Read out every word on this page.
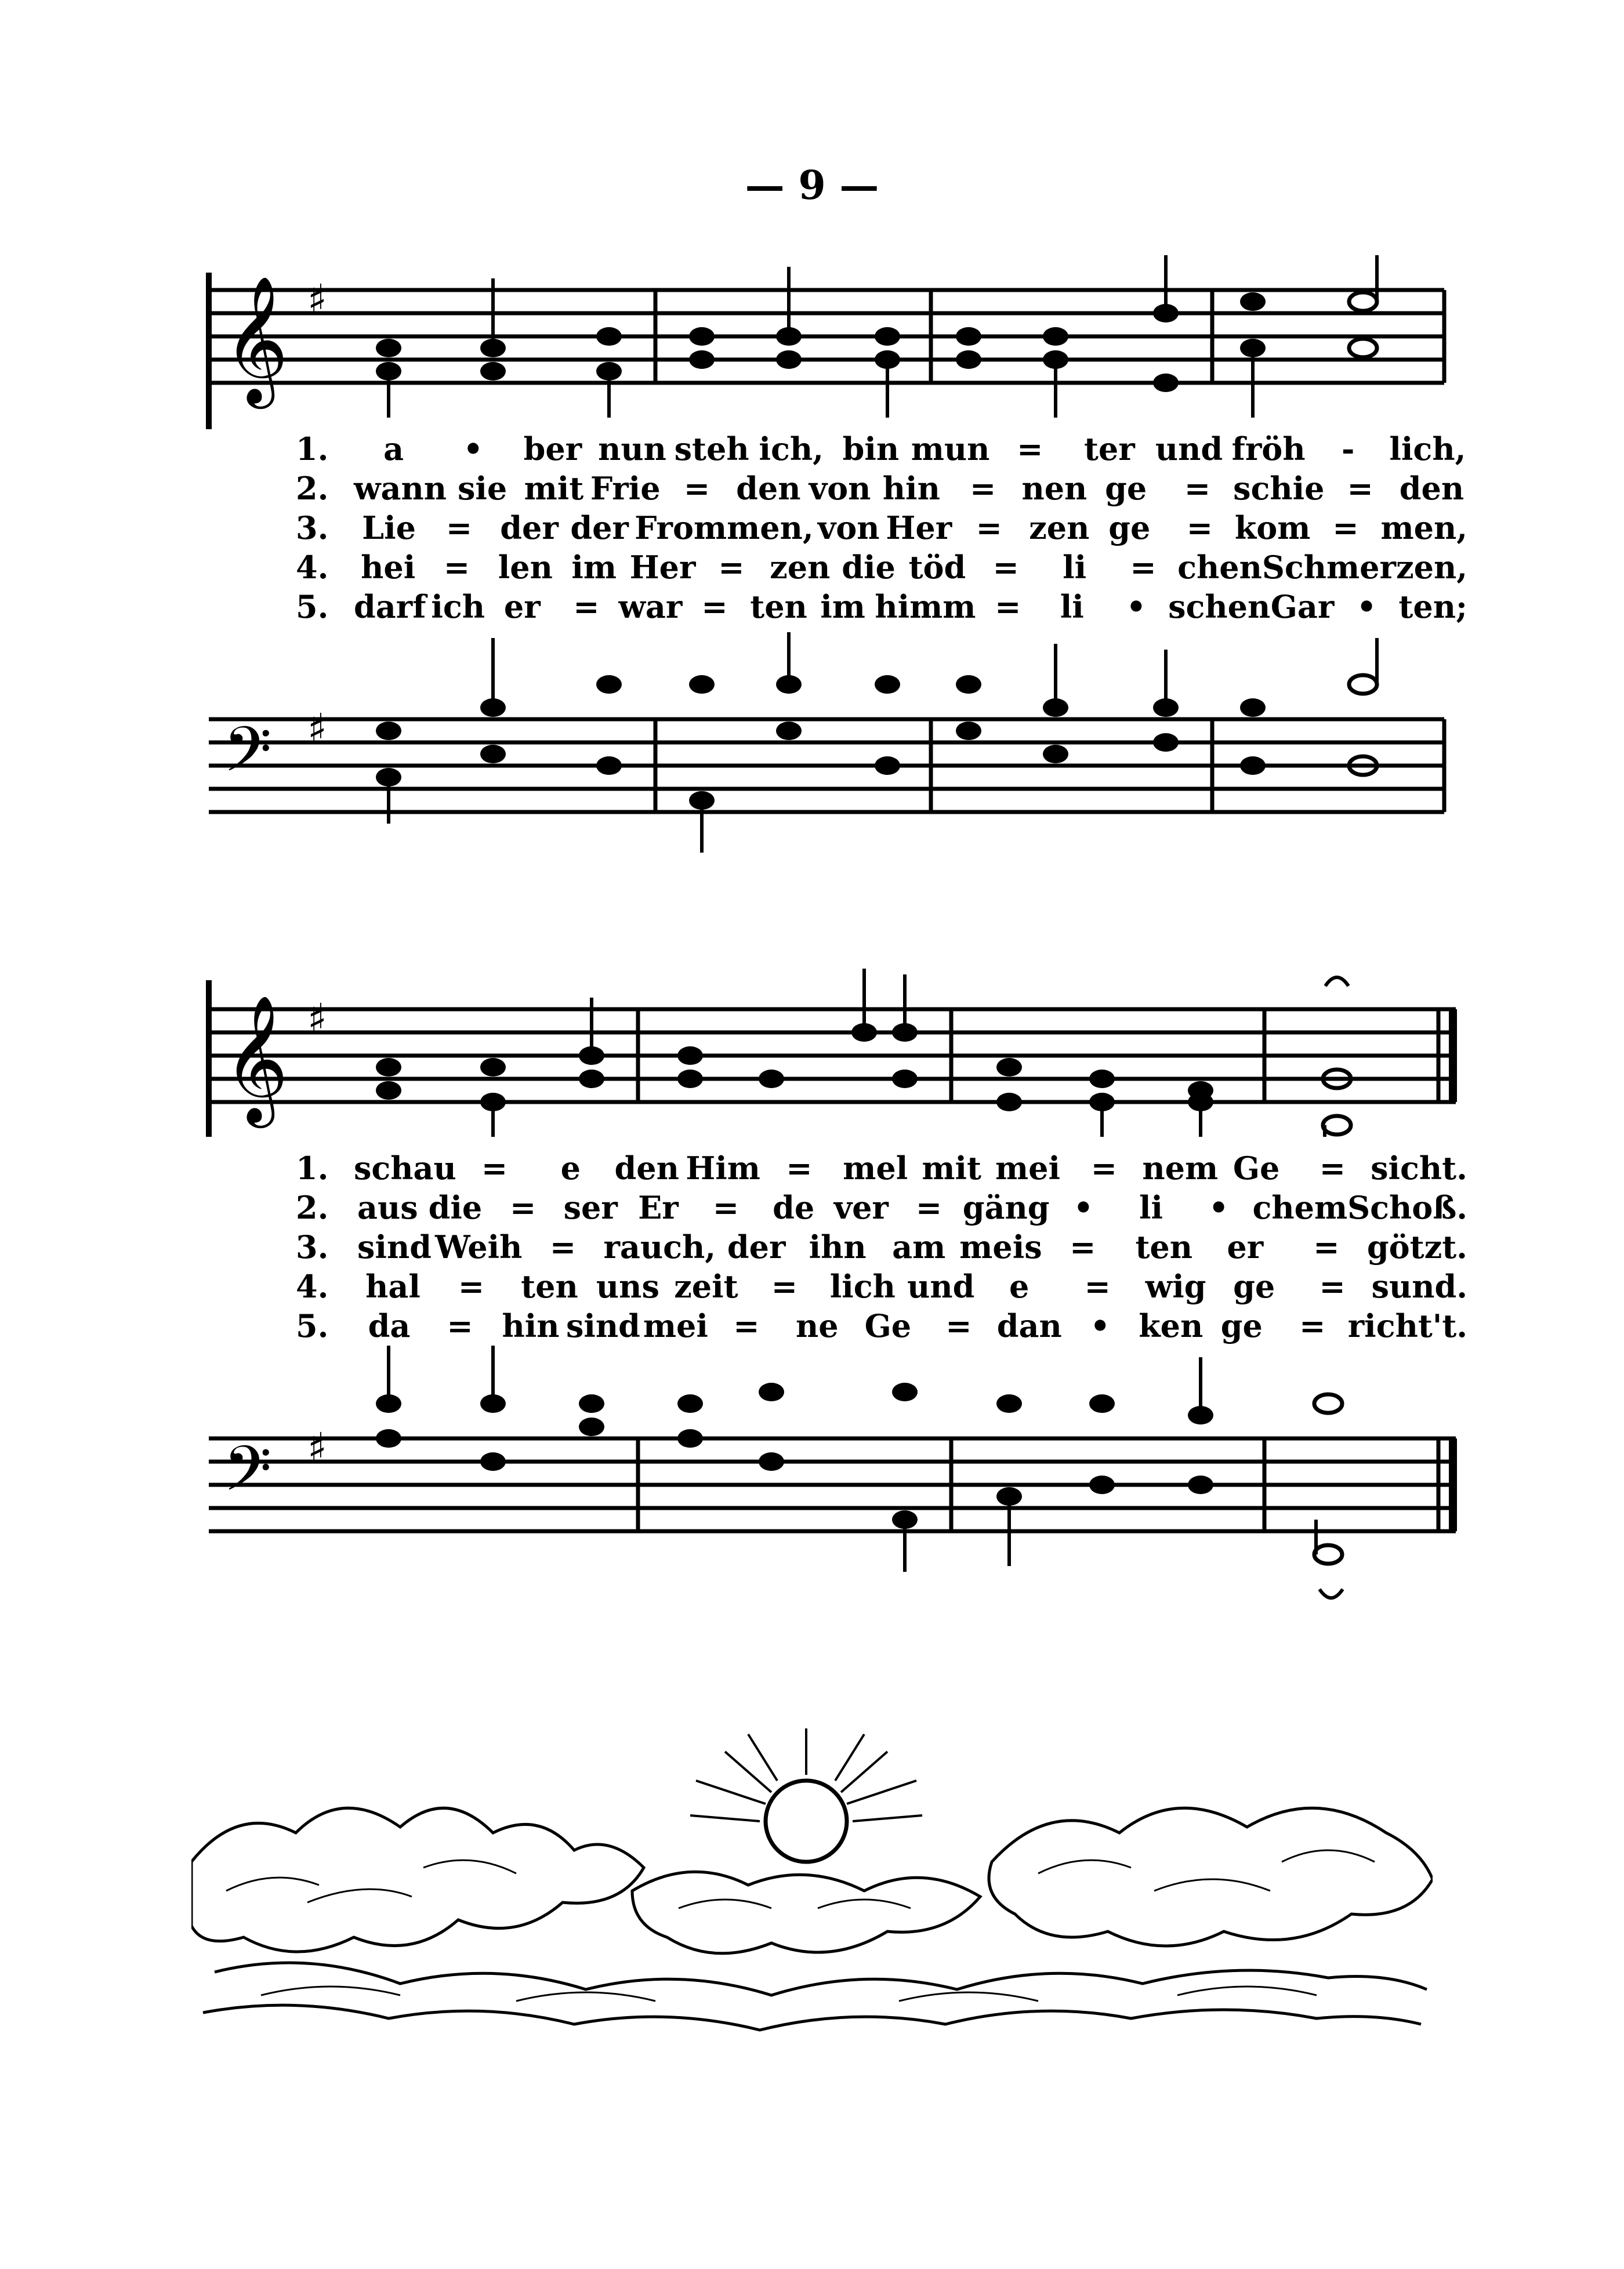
— 9 —
𝄞 ♯
1.	a	•	ber nun steh ich, bin mun =	ter und fröh	-	lich,
2. wann sie mit Frie = den von hin = nen ge	= schie = den
3.	Lie = der der Frommen, von Her = zen ge	= kom = men,
4.	hei = len im Her = zen die töd =	li	= chen Schmerzen,
5. darf ich er	= war = ten im himm =	li	• schen Gar • ten;
𝄢 ♯
𝄞 ♯
1. schau =	e	den Him = mel mit mei = nem Ge	= sicht.
2. aus die = ser Er	=	de ver = gäng •	li	• chem Schoß.
3. sind Weih = rauch, der ihn am meis =	ten	er	= götzt.
4.	hal	=	ten uns zeit	=	lich und	e	=	wig ge	= sund.
5.	da	= hin sind mei =	ne Ge	= dan • ken ge	= richt't.
𝄢 ♯
